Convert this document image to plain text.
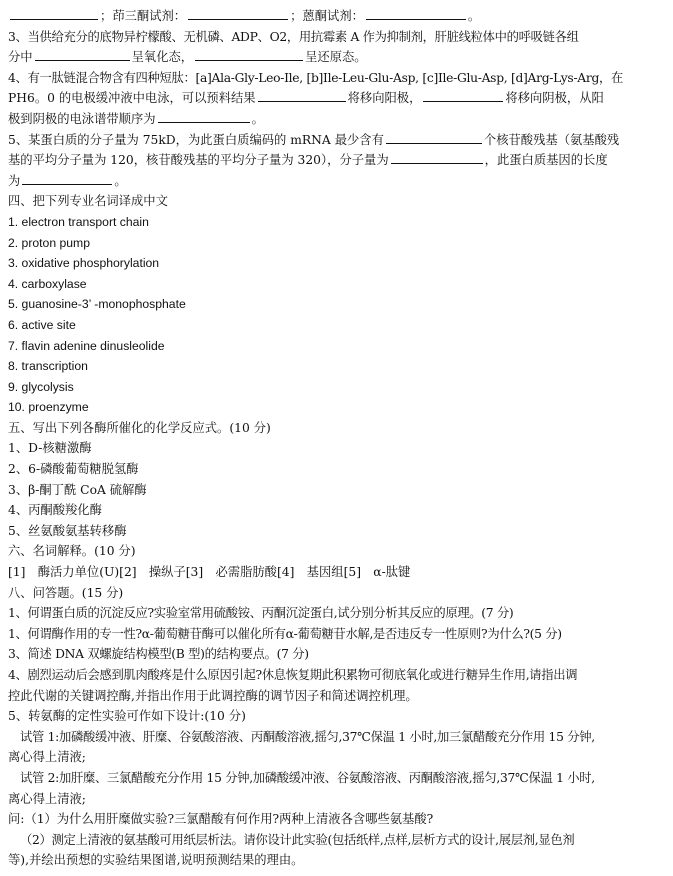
；茚三酮试剂：	；蒽酮试剂：	。
3、当供给充分的底物异柠檬酸、无机磷、ADP、O2，用抗霉素 A 作为抑制剂，肝脏线粒体中的呼吸链各组
分中	呈氧化态，	呈还原态。
4、有一肽链混合物含有四种短肽：[a]Ala-Gly-Leo-Ile, [b]Ile-Leu-Glu-Asp, [c]Ile-Glu-Asp, [d]Arg-Lys-Arg，在
PH6。0 的电极缓冲液中电泳，可以预料结果	将移向阳极，	将移向阴极，从阳
极到阴极的电泳谱带顺序为	。
5、某蛋白质的分子量为 75kD，为此蛋白质编码的 mRNA 最少含有	个核苷酸残基（氨基酸残
基的平均分子量为 120，核苷酸残基的平均分子量为 320），分子量为	，此蛋白质基因的长度
为	。
四、把下列专业名词译成中文
1. electron transport chain
2. proton pump
3. oxidative phosphorylation
4. carboxylase
5. guanosine-3’ -monophosphate
6. active site
7. flavin adenine dinusleolide
8. transcription
9. glycolysis
10. proenzyme
五、写出下列各酶所催化的化学反应式。(10 分)
1、D-核糖激酶
2、6-磷酸葡萄糖脱氢酶
3、β-酮丁酰 CoA 硫解酶
4、丙酮酸羧化酶
5、丝氨酸氨基转移酶
六、名词解释。(10 分)
[1]　酶活力单位(U)[2]　操纵子[3]　必需脂肪酸[4]　基因组[5]　α-肽键
八、问答题。(15 分)
1、何谓蛋白质的沉淀反应?实验室常用硫酸铵、丙酮沉淀蛋白,试分别分析其反应的原理。(7 分)
1、何谓酶作用的专一性?α-葡萄糖苷酶可以催化所有α-葡萄糖苷水解,是否违反专一性原则?为什么?(5 分)
3、简述 DNA 双螺旋结构模型(B 型)的结构要点。(7 分)
4、剧烈运动后会感到肌肉酸疼是什么原因引起?休息恢复期此积累物可彻底氧化或进行糖异生作用,请指出调
控此代谢的关键调控酶,并指出作用于此调控酶的调节因子和简述调控机理。
5、转氨酶的定性实验可作如下设计:(10 分)
试管 1:加磷酸缓冲液、肝糜、谷氨酸溶液、丙酮酸溶液,摇匀,37℃保温 1 小时,加三氯醋酸充分作用 15 分钟,
离心得上清液;
试管 2:加肝糜、三氯醋酸充分作用 15 分钟,加磷酸缓冲液、谷氨酸溶液、丙酮酸溶液,摇匀,37℃保温 1 小时,
离心得上清液;
问:（1）为什么用肝糜做实验?三氯醋酸有何作用?两种上清液各含哪些氨基酸?
（2）测定上清液的氨基酸可用纸层析法。请你设计此实验(包括纸样,点样,层析方式的设计,展层剂,显色剂
等),并绘出预想的实验结果图谱,说明预测结果的理由。
